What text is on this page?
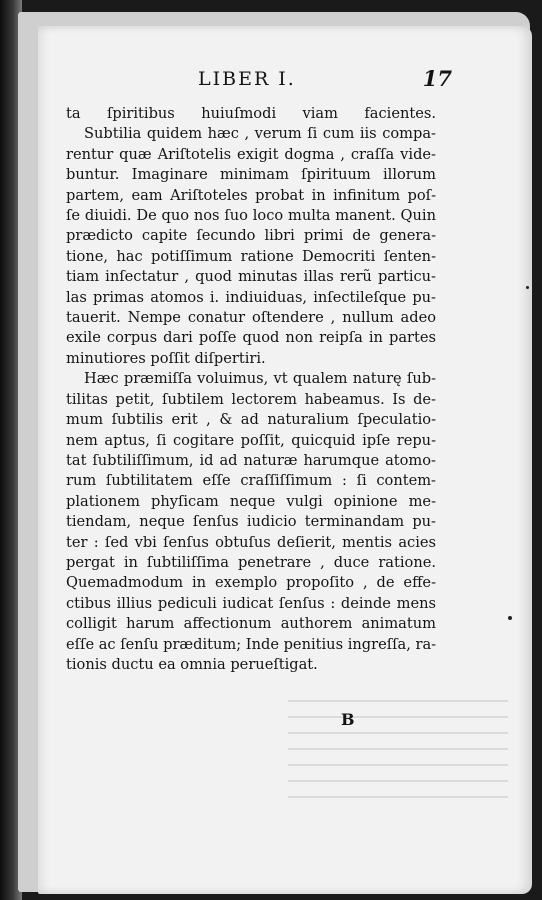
LIBER I.	17
ta ſpiritibus huiuſmodi viam facientes.
Subtilia quidem hæc , verum ſi cum iis compa-
rentur quæ Ariſtotelis exigit dogma , craſſa vide-
buntur. Imaginare minimam ſpirituum illorum
partem, eam Ariſtoteles probat in infinitum poſ-
ſe diuidi. De quo nos ſuo loco multa manent. Quin
prædicto capite ſecundo libri primi de genera-
tione, hac potiſſimum ratione Democriti ſenten-
tiam inſectatur , quod minutas illas rerũ particu-
las primas atomos i. indiuiduas, inſectileſque pu-
tauerit. Nempe conatur oſtendere , nullum adeo
exile corpus dari poſſe quod non reipſa in partes
minutiores poſſit diſpertiri.
Hæc præmiſſa voluimus, vt qualem naturę ſub-
tilitas petit, ſubtilem lectorem habeamus. Is de-
mum ſubtilis erit , & ad naturalium ſpeculatio-
nem aptus, ſi cogitare poſſit, quicquid ipſe repu-
tat ſubtiliſſimum, id ad naturæ harumque atomo-
rum ſubtilitatem eſſe craſſiſſimum : ſi contem-
plationem phyſicam neque vulgi opinione me-
tiendam, neque ſenſus iudicio terminandam pu-
ter : ſed vbi ſenſus obtuſus deſierit, mentis acies
pergat in ſubtiliſſima penetrare , duce ratione.
Quemadmodum in exemplo propoſito , de effe-
ctibus illius pediculi iudicat ſenſus : deinde mens
colligit harum affectionum authorem animatum
eſſe ac ſenſu præditum; Inde penitius ingreſſa, ra-
tionis ductu ea omnia perueſtigat.
B
